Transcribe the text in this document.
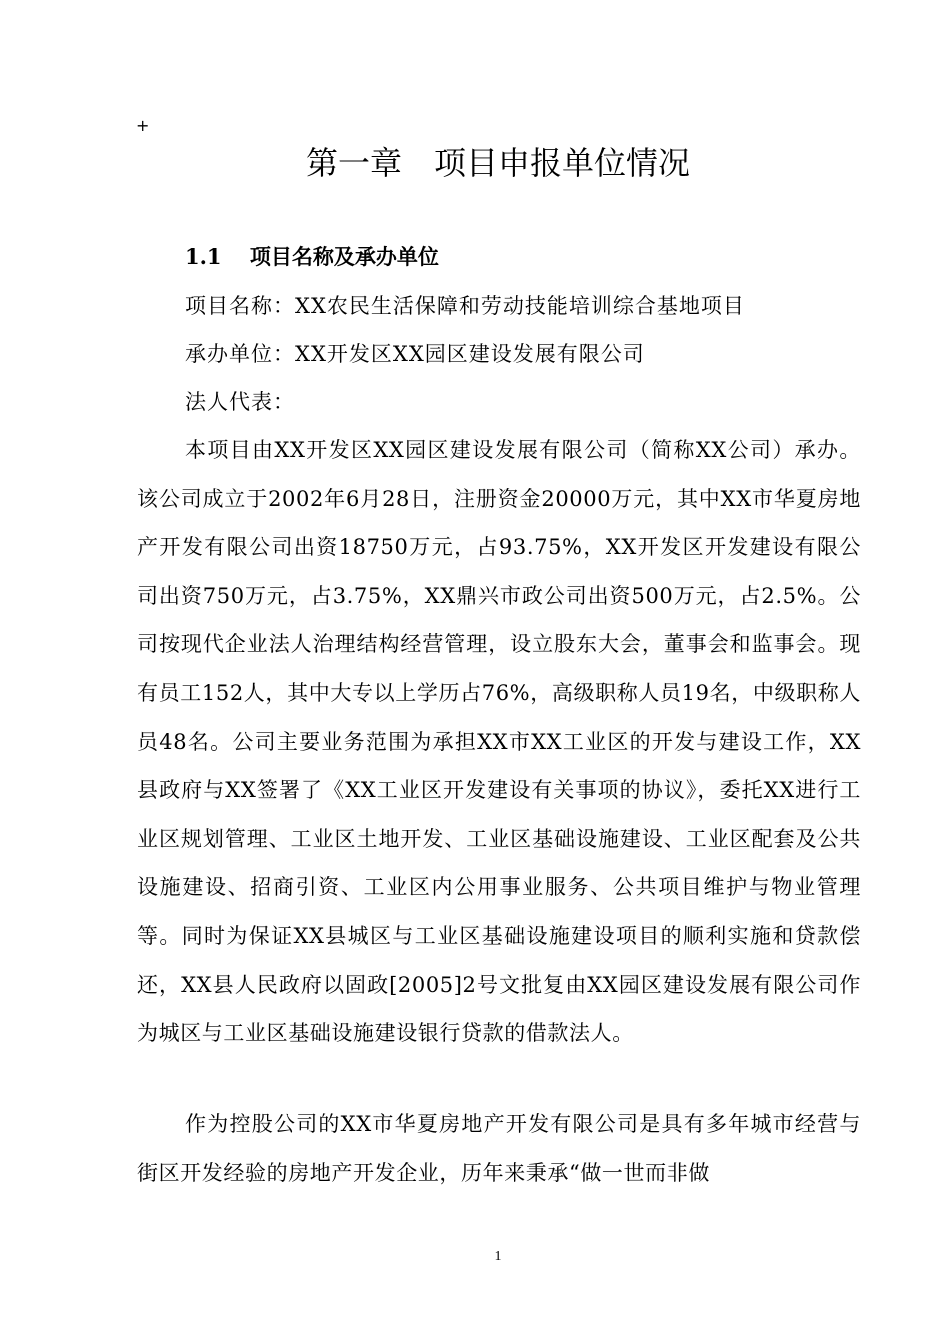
+
第一章　项目申报单位情况
1.1　 项目名称及承办单位

项目名称：XX农民生活保障和劳动技能培训综合基地项目

承办单位：XX开发区XX园区建设发展有限公司

法人代表：

本项目由XX开发区XX园区建设发展有限公司（简称XX公司）承办。该公司成立于2002年6月28日，注册资金20000万元，其中XX市华夏房地产开发有限公司出资18750万元，占93.75%，XX开发区开发建设有限公司出资750万元，占3.75%，XX鼎兴市政公司出资500万元，占2.5%。公司按现代企业法人治理结构经营管理，设立股东大会，董事会和监事会。现有员工152人，其中大专以上学历占76%，高级职称人员19名，中级职称人员48名。公司主要业务范围为承担XX市XX工业区的开发与建设工作，XX县政府与XX签署了《XX工业区开发建设有关事项的协议》，委托XX进行工业区规划管理、工业区土地开发、工业区基础设施建设、工业区配套及公共设施建设、招商引资、工业区内公用事业服务、公共项目维护与物业管理等。同时为保证XX县城区与工业区基础设施建设项目的顺利实施和贷款偿还，XX县人民政府以固政[2005]2号文批复由XX园区建设发展有限公司作为城区与工业区基础设施建设银行贷款的借款法人。

作为控股公司的XX市华夏房地产开发有限公司是具有多年城市经营与街区开发经验的房地产开发企业，历年来秉承“做一世而非做

1
